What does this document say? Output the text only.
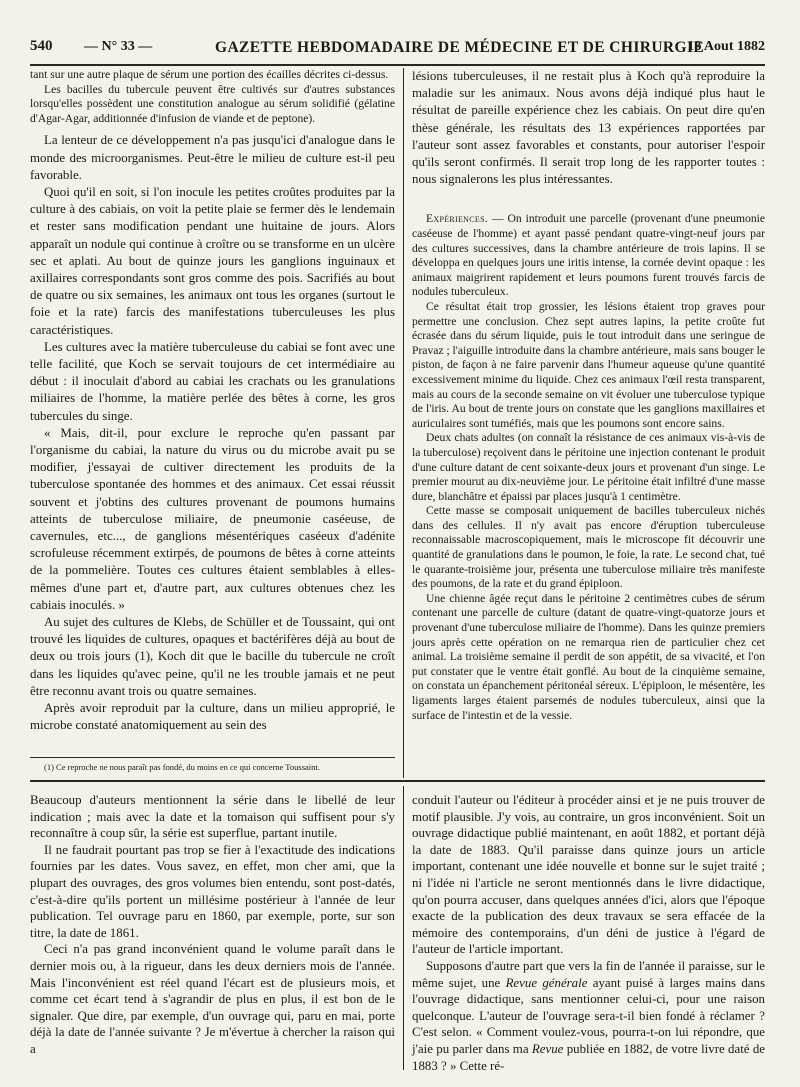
540 — N° 33 —	GAZETTE HEBDOMADAIRE DE MÉDECINE ET DE CHIRURGIE
18 Aout 1882

tant sur une autre plaque de sérum une portion des écailles décrites ci-dessus.

Les bacilles du tubercule peuvent être cultivés sur d'autres substances lorsqu'elles possèdent une constitution analogue au sérum solidifié (gélatine d'Agar-Agar, additionnée d'infusion de viande et de peptone).

La lenteur de ce développement n'a pas jusqu'ici d'analogue dans le monde des microorganismes. Peut-être le milieu de culture est-il peu favorable.

Quoi qu'il en soit, si l'on inocule les petites croûtes produites par la culture à des cabiais, on voit la petite plaie se fermer dès le lendemain et rester sans modification pendant une huitaine de jours. Alors apparaît un nodule qui continue à croître ou se transforme en un ulcère sec et aplati. Au bout de quinze jours les ganglions inguinaux et axillaires correspondants sont gros comme des pois. Sacrifiés au bout de quatre ou six semaines, les animaux ont tous les organes (surtout le foie et la rate) farcis des manifestations tuberculeuses les plus caractéristiques.

Les cultures avec la matière tuberculeuse du cabiai se font avec une telle facilité, que Koch se servait toujours de cet intermédiaire au début : il inoculait d'abord au cabiai les crachats ou les granulations miliaires de l'homme, la matière perlée des bêtes à corne, les gros tubercules du singe.

« Mais, dit-il, pour exclure le reproche qu'en passant par l'organisme du cabiai, la nature du virus ou du microbe avait pu se modifier, j'essayai de cultiver directement les produits de la tuberculose spontanée des hommes et des animaux. Cet essai réussit souvent et j'obtins des cultures provenant de poumons humains atteints de tuberculose miliaire, de pneumonie caséeuse, de cavernules, etc..., de ganglions mésentériques caséeux d'adénite scrofuleuse récemment extirpés, de poumons de bêtes à corne atteints de la pommelière. Toutes ces cultures étaient semblables à elles-mêmes d'une part et, d'autre part, aux cultures obtenues chez les cabiais inoculés. »

Au sujet des cultures de Klebs, de Schüller et de Toussaint, qui ont trouvé les liquides de cultures, opaques et bactérifères déjà au bout de deux ou trois jours (1), Koch dit que le bacille du tubercule ne croît dans les liquides qu'avec peine, qu'il ne les trouble jamais et ne peut être reconnu avant trois ou quatre semaines.

Après avoir reproduit par la culture, dans un milieu approprié, le microbe constaté anatomiquement au sein des

(1) Ce reproche ne nous paraît pas fondé, du moins en ce qui concerne Toussaint.

lésions tuberculeuses, il ne restait plus à Koch qu'à reproduire la maladie sur les animaux. Nous avons déjà indiqué plus haut le résultat de pareille expérience chez les cabiais. On peut dire qu'en thèse générale, les résultats des 13 expériences rapportées par l'auteur sont assez favorables et constants, pour autoriser l'espoir qu'ils seront confirmés. Il serait trop long de les rapporter toutes : nous signalerons les plus intéressantes.

Expériences. — On introduit une parcelle (provenant d'une pneumonie caséeuse de l'homme) et ayant passé pendant quatre-vingt-neuf jours par des cultures successives, dans la chambre antérieure de trois lapins. Il se développa en quelques jours une iritis intense, la cornée devint opaque : les animaux maigrirent rapidement et leurs poumons furent trouvés farcis de nodules tuberculeux.

Ce résultat était trop grossier, les lésions étaient trop graves pour permettre une conclusion. Chez sept autres lapins, la petite croûte fut écrasée dans du sérum liquide, puis le tout introduit dans une seringue de Pravaz ; l'aiguille introduite dans la chambre antérieure, mais sans bouger le piston, de façon à ne faire parvenir dans l'humeur aqueuse qu'une quantité excessivement minime du liquide. Chez ces animaux l'œil resta transparent, mais au cours de la seconde semaine on vit évoluer une tuberculose typique de l'iris. Au bout de trente jours on constate que les ganglions maxillaires et auriculaires sont tuméfiés, mais que les poumons sont encore sains.

Deux chats adultes (on connaît la résistance de ces animaux vis-à-vis de la tuberculose) reçoivent dans le péritoine une injection contenant le produit d'une culture datant de cent soixante-deux jours et provenant d'un singe. Le premier mourut au dix-neuvième jour. Le péritoine était infiltré d'une masse dure, blanchâtre et épaissi par places jusqu'à 1 centimètre.

Cette masse se composait uniquement de bacilles tuberculeux nichés dans des cellules. Il n'y avait pas encore d'éruption tuberculeuse reconnaissable macroscopiquement, mais le microscope fit découvrir une quantité de granulations dans le poumon, le foie, la rate. Le second chat, tué le quarante-troisième jour, présenta une tuberculose miliaire très manifeste des poumons, de la rate et du grand épiploon.

Une chienne âgée reçut dans le péritoine 2 centimètres cubes de sérum contenant une parcelle de culture (datant de quatre-vingt-quatorze jours et provenant d'une tuberculose miliaire de l'homme). Dans les quinze premiers jours après cette opération on ne remarqua rien de particulier chez cet animal. La troisième semaine il perdit de son appétit, de sa vivacité, et l'on put constater que le ventre était gonflé. Au bout de la cinquième semaine, on constata un épanchement péritonéal séreux. L'épiploon, le mésentère, les ligaments larges étaient parsemés de nodules tuberculeux, ainsi que la surface de l'intestin et de la vessie.

Beaucoup d'auteurs mentionnent la série dans le libellé de leur indication ; mais avec la date et la tomaison qui suffisent pour s'y reconnaître à coup sûr, la série est superflue, partant inutile.

Il ne faudrait pourtant pas trop se fier à l'exactitude des indications fournies par les dates. Vous savez, en effet, mon cher ami, que la plupart des ouvrages, des gros volumes bien entendu, sont post-datés, c'est-à-dire qu'ils portent un millésime postérieur à l'année de leur publication. Tel ouvrage paru en 1860, par exemple, porte, sur son titre, la date de 1861.

Ceci n'a pas grand inconvénient quand le volume paraît dans le dernier mois ou, à la rigueur, dans les deux derniers mois de l'année. Mais l'inconvénient est réel quand l'écart est de plusieurs mois, et comme cet écart tend à s'agrandir de plus en plus, il est bon de le signaler. Que dire, par exemple, d'un ouvrage qui, paru en mai, porte déjà la date de l'année suivante ? Je m'évertue à chercher la raison qui a

conduit l'auteur ou l'éditeur à procéder ainsi et je ne puis trouver de motif plausible. J'y vois, au contraire, un gros inconvénient. Soit un ouvrage didactique publié maintenant, en août 1882, et portant déjà la date de 1883. Qu'il paraisse dans quinze jours un article important, contenant une idée nouvelle et bonne sur le sujet traité ; ni l'idée ni l'article ne seront mentionnés dans le livre didactique, qu'on pourra accuser, dans quelques années d'ici, alors que l'époque exacte de la publication des deux travaux se sera effacée de la mémoire des contemporains, d'un déni de justice à l'égard de l'auteur de l'article important.

Supposons d'autre part que vers la fin de l'année il paraisse, sur le même sujet, une Revue générale ayant puisé à larges mains dans l'ouvrage didactique, sans mentionner celui-ci, pour une raison quelconque. L'auteur de l'ouvrage sera-t-il bien fondé à réclamer ? C'est selon. « Comment voulez-vous, pourra-t-on lui répondre, que j'aie pu parler dans ma Revue publiée en 1882, de votre livre daté de 1883 ? » Cette ré-
